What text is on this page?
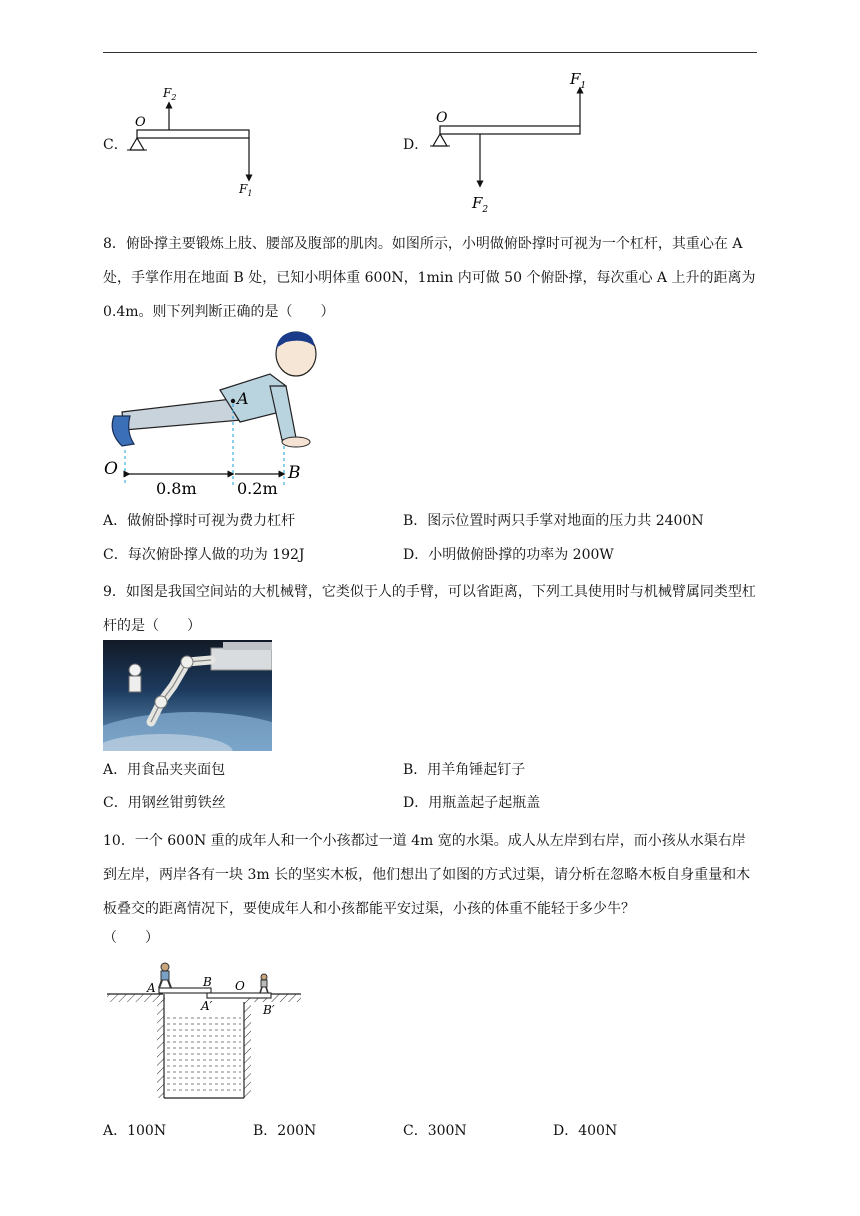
C．
O
$F_2$
$F_1$
D．
O
$F_1$
$F_2$
8．俯卧撑主要锻炼上肢、腰部及腹部的肌肉。如图所示，小明做俯卧撑时可视为一个杠杆，其重心在 A 处，手掌作用在地面 B 处，已知小明体重 600N，1min 内可做 50 个俯卧撑，每次重心 A 上升的距离为 0.4m。则下列判断正确的是（　　）
A
O	B
0.8m	0.2m
A．做俯卧撑时可视为费力杠杆	B．图示位置时两只手掌对地面的压力共 2400N
C．每次俯卧撑人做的功为 192J	D．小明做俯卧撑的功率为 200W
9．如图是我国空间站的大机械臂，它类似于人的手臂，可以省距离，下列工具使用时与机械臂属同类型杠杆的是（　　）
A．用食品夹夹面包	B．用羊角锤起钉子
C．用钢丝钳剪铁丝	D．用瓶盖起子起瓶盖
10．一个 600N 重的成年人和一个小孩都过一道 4m 宽的水渠。成人从左岸到右岸，而小孩从水渠右岸到左岸，两岸各有一块 3m 长的坚实木板，他们想出了如图的方式过渠，请分析在忽略木板自身重量和木板叠交的距离情况下，要使成年人和小孩都能平安过渠，小孩的体重不能轻于多少牛？
（　　）
A	B O
A′	B′
A．100N	B．200N	C．300N	D．400N
